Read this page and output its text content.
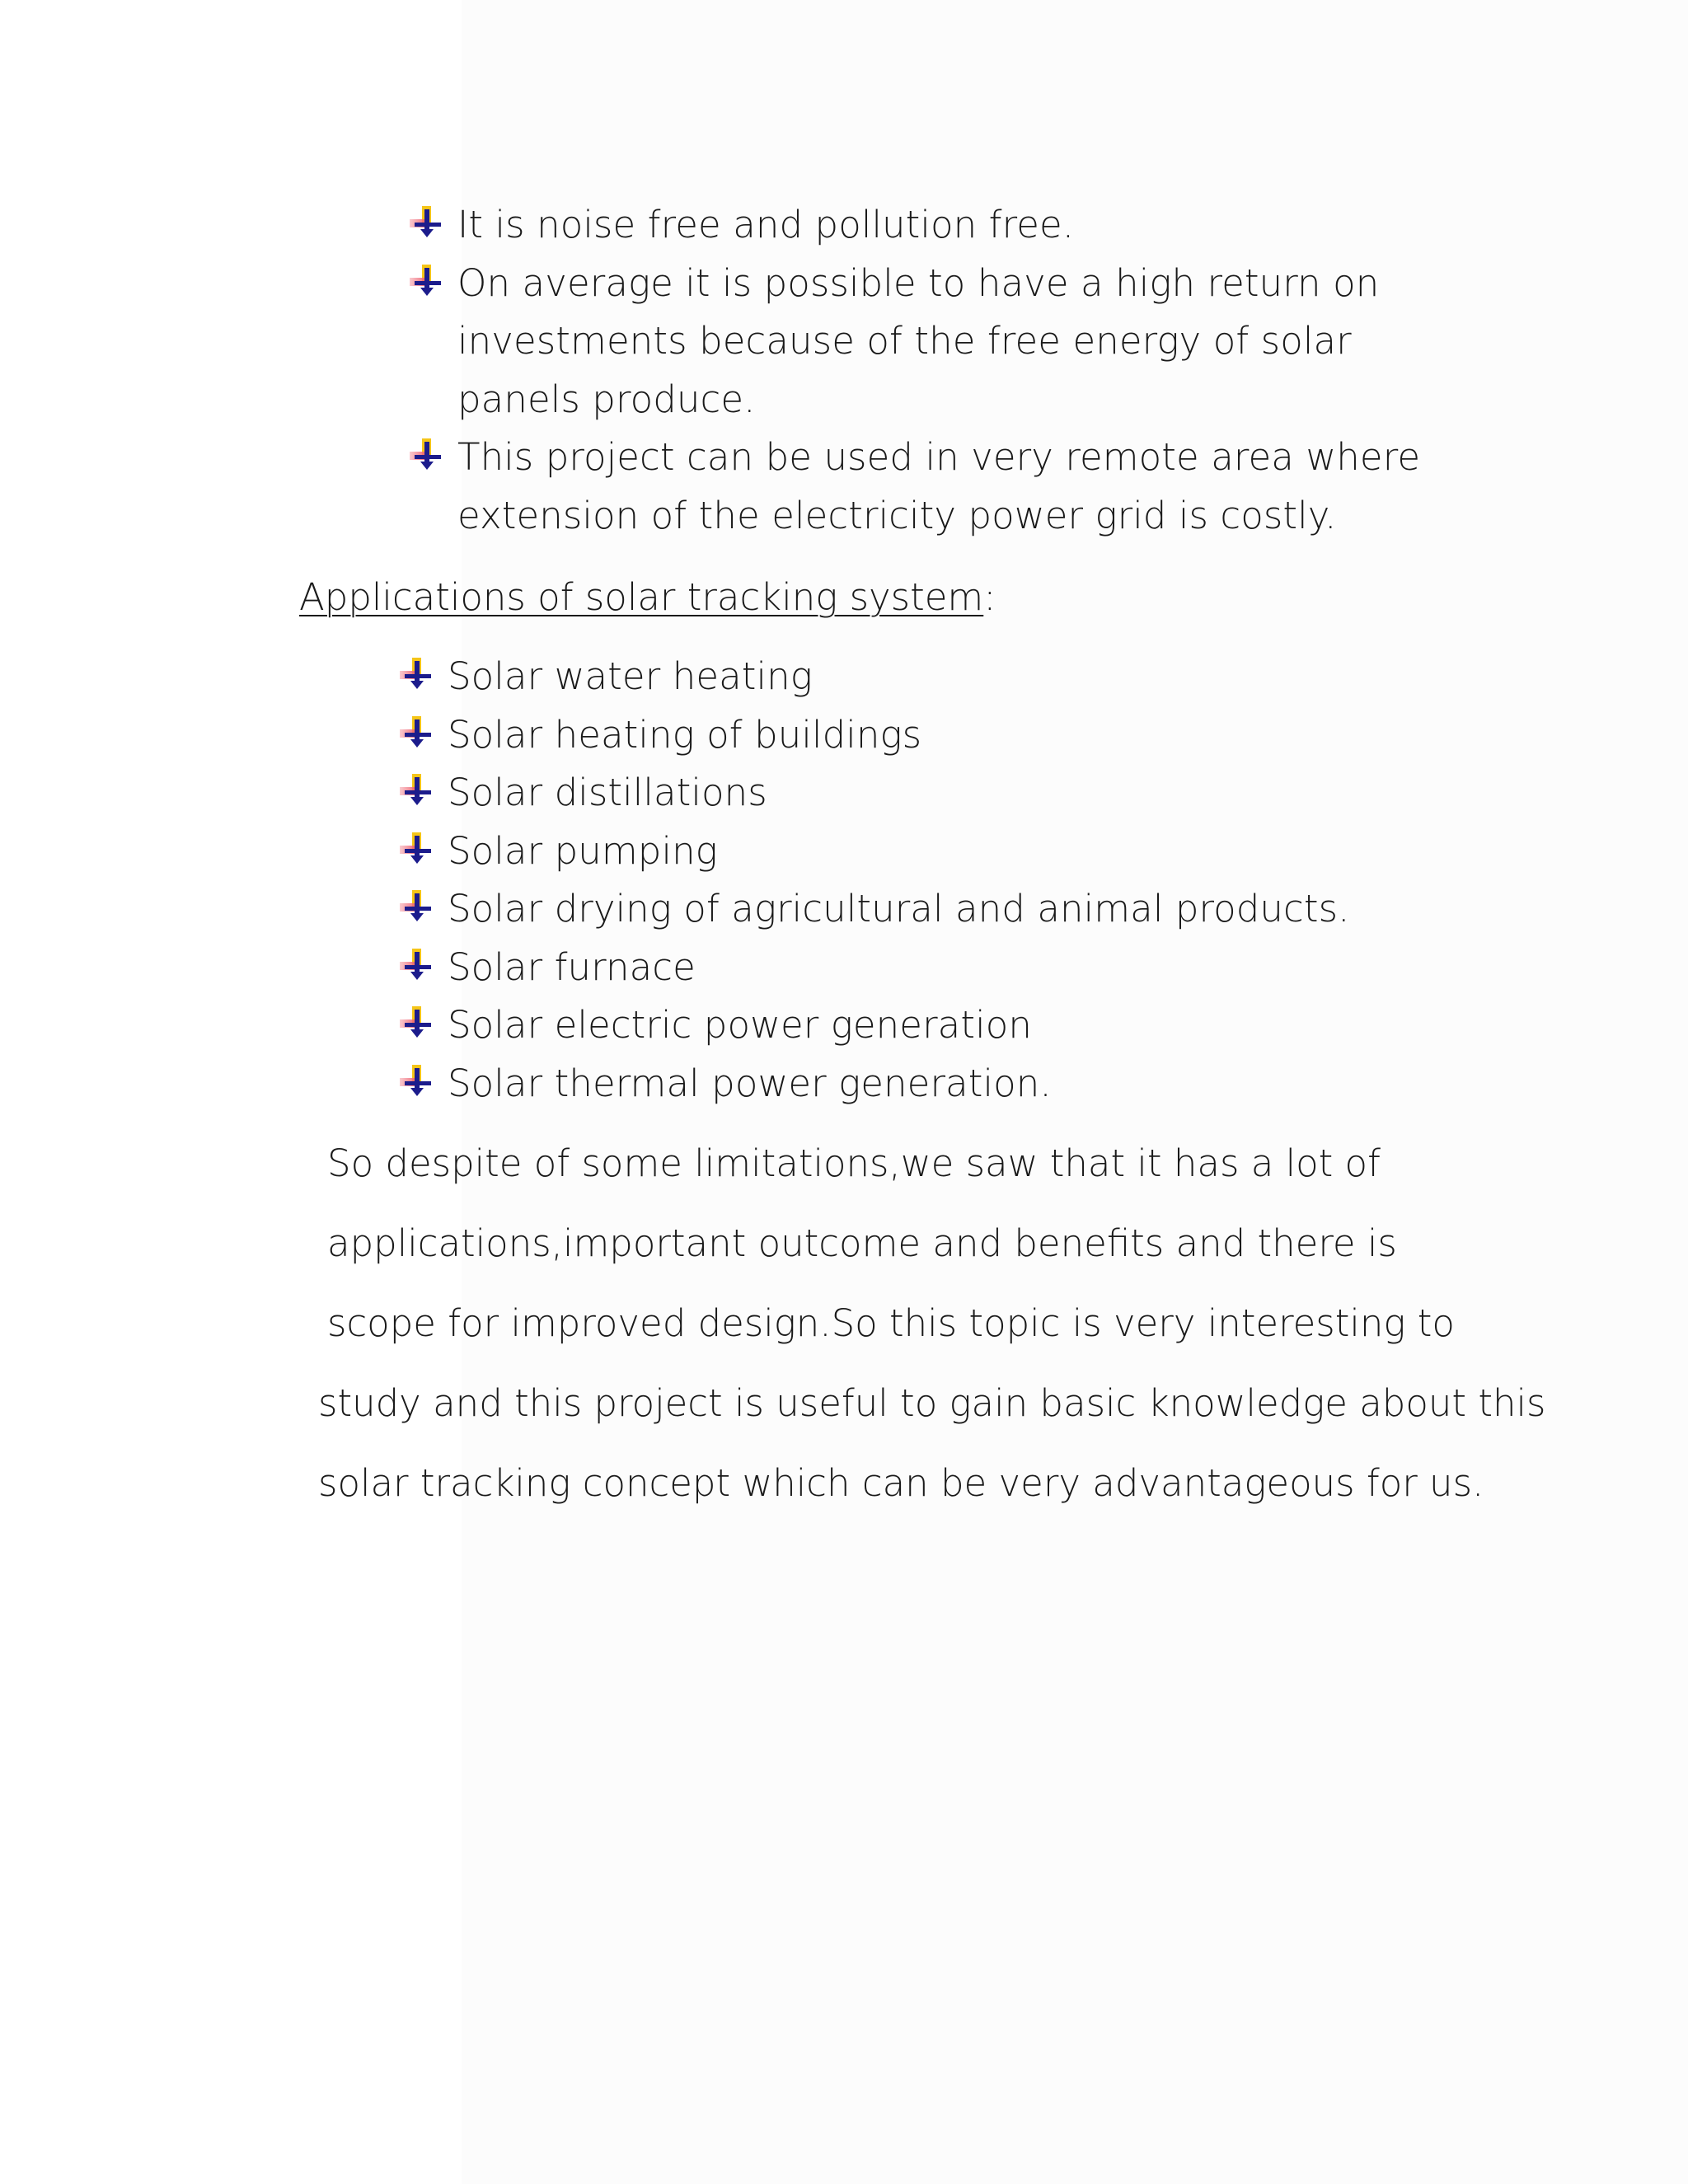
It is noise free and pollution free.
On average it is possible to have a high return on investments because of the free energy of solar panels produce.
This project can be used in very remote area where extension of the electricity power grid is costly.
Applications of solar tracking system:
Solar water heating
Solar heating of buildings
Solar distillations
Solar pumping
Solar drying of agricultural and animal products.
Solar furnace
Solar electric power generation
Solar thermal power generation.
So despite of some limitations,we saw that it has a lot of
applications,important outcome and benefits and there is
scope for improved design.So this topic is very interesting to
study and this project is useful to gain basic knowledge about this
solar tracking concept which can be very advantageous for us.
